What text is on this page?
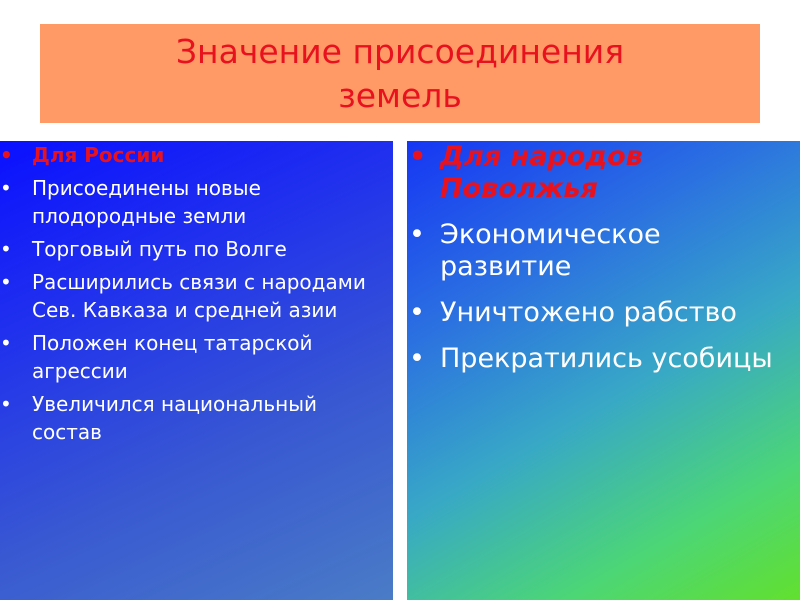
Значение присоединения земель
• Для России
•	Присоединены новые плодородные земли
•	Торговый путь по Волге
•	Расширились связи с народами Сев. Кавказа и средней азии
•	Положен конец татарской агрессии
•	Увеличился национальный состав
• Для народов Поволжья
• Экономическое развитие
• Уничтожено рабство
• Прекратились усобицы
